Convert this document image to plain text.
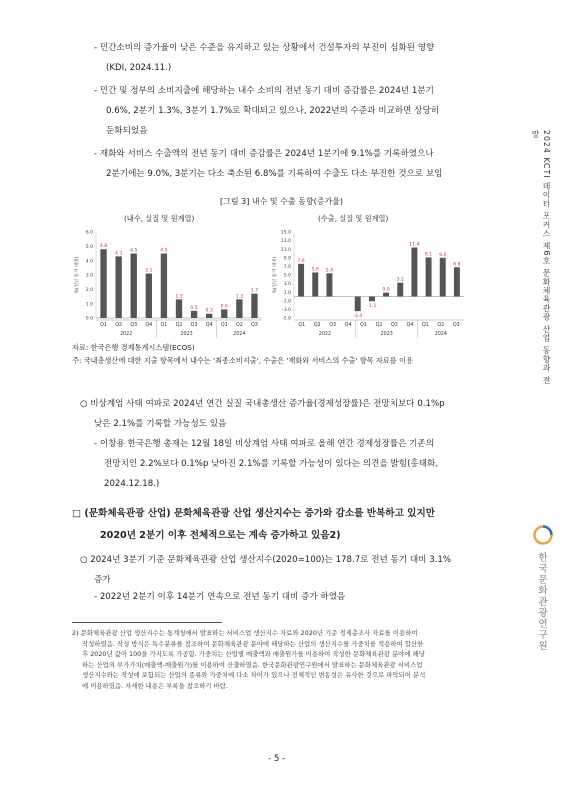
- 민간소비의 증가율이 낮은 수준을 유지하고 있는 상황에서 건설투자의 부진이 심화된 영향
(KDI, 2024.11.)
- 민간 및 정부의 소비지출에 해당하는 내수 소비의 전년 동기 대비 증감률은 2024년 1분기
0.6%, 2분기 1.3%, 3분기 1.7%로 확대되고 있으나, 2022년의 수준과 비교하면 상당히
둔화되었음
- 재화와 서비스 수출액의 전년 동기 대비 증감률은 2024년 1분기에 9.1%를 기록하였으나
2분기에는 9.0%, 3분기는 다소 축소된 6.8%를 기록하여 수출도 다소 부진한 것으로 보임
[그림 3] 내수 및 수출 동향(증가율)
(내수, 실질 및 원계열)	(수출, 실질 및 원계열)
%(전년 동기 대비)
0.0
1.0
2.0
3.0
4.0
5.0
6.0
4.8
4.3
4.5
3.1
4.5
1.3
0.5
0.3
0.6
1.3
1.7
Q1 Q2 Q3 Q4 Q1 Q2 Q3 Q4 Q1 Q2 Q3
2022	2023	2024
%(전년 동기 대비)
-5.0
-3.0
-1.0
1.0
3.0
5.0
7.0
9.0
11.0
13.0
15.0
7.6
5.6 5.4
-3.4
-1.1
0.9
3.2
11.4
9.1 9.0
6.8
Q1 Q2 Q3 Q4 Q1 Q2 Q3 Q4 Q1 Q2 Q3
2022	2023	2024
자료: 한국은행 경제통계시스템(ECOS)
주: 국내총생산에 대한 지출 항목에서 내수는 '최종소비지출', 수출은 '재화와 서비스의 수출' 항목 자료를 이용
○ 비상계엄 사태 여파로 2024년 연간 실질 국내총생산 증가율(경제성장률)은 전망치보다 0.1%p
낮은 2.1%를 기록할 가능성도 있음
- 이창용 한국은행 총재는 12월 18일 비상계엄 사태 여파로 올해 연간 경제성장률은 기존의
전망치인 2.2%보다 0.1%p 낮아진 2.1%를 기록할 가능성이 있다는 의견을 밝힘(홍태화,
2024.12.18.)
□ (문화체육관광 산업) 문화체육관광 산업 생산지수는 증가와 감소를 반복하고 있지만
2020년 2분기 이후 전체적으로는 계속 증가하고 있음2)
○ 2024년 3분기 기준 문화체육관광 산업 생산지수(2020=100)는 178.7로 전년 동기 대비 3.1%
증가
- 2022년 2분기 이후 14분기 연속으로 전년 동기 대비 증가 하였음
2) 문화체육관광 산업 생산지수는 통계청에서 발표하는 서비스업 생산지수 자료와 2020년 기준 경제총조사 자료를 이용하여
작성하였음. 작성 방식은 특수분류를 참조하여 문화체육관광 분야에 해당하는 산업의 생산지수를 가중치를 적용하여 합산한
후 2020년 값이 100을 가지도록 가공함. 가중치는 산업별 매출액과 매출원가를 이용하여 작성한 문화체육관광 분야에 해당
하는 산업의 부가가치(매출액-매출원가)를 이용하여 산출하였음. 한국문화관광연구원에서 발표하는 문화체육관광 서비스업
생산지수와는 작성에 포함되는 산업의 종류와 가중치에 다소 차이가 있으나 전체적인 변동성은 유사한 것으로 파악되어 분석
에 이용하였음. 자세한 내용은 부록을 참조하기 바람.
- 5 -
2024 KCTI 데이터 포커스 제6호 문화체육관광 산업 동향과 전망
한국문화관광연구원
